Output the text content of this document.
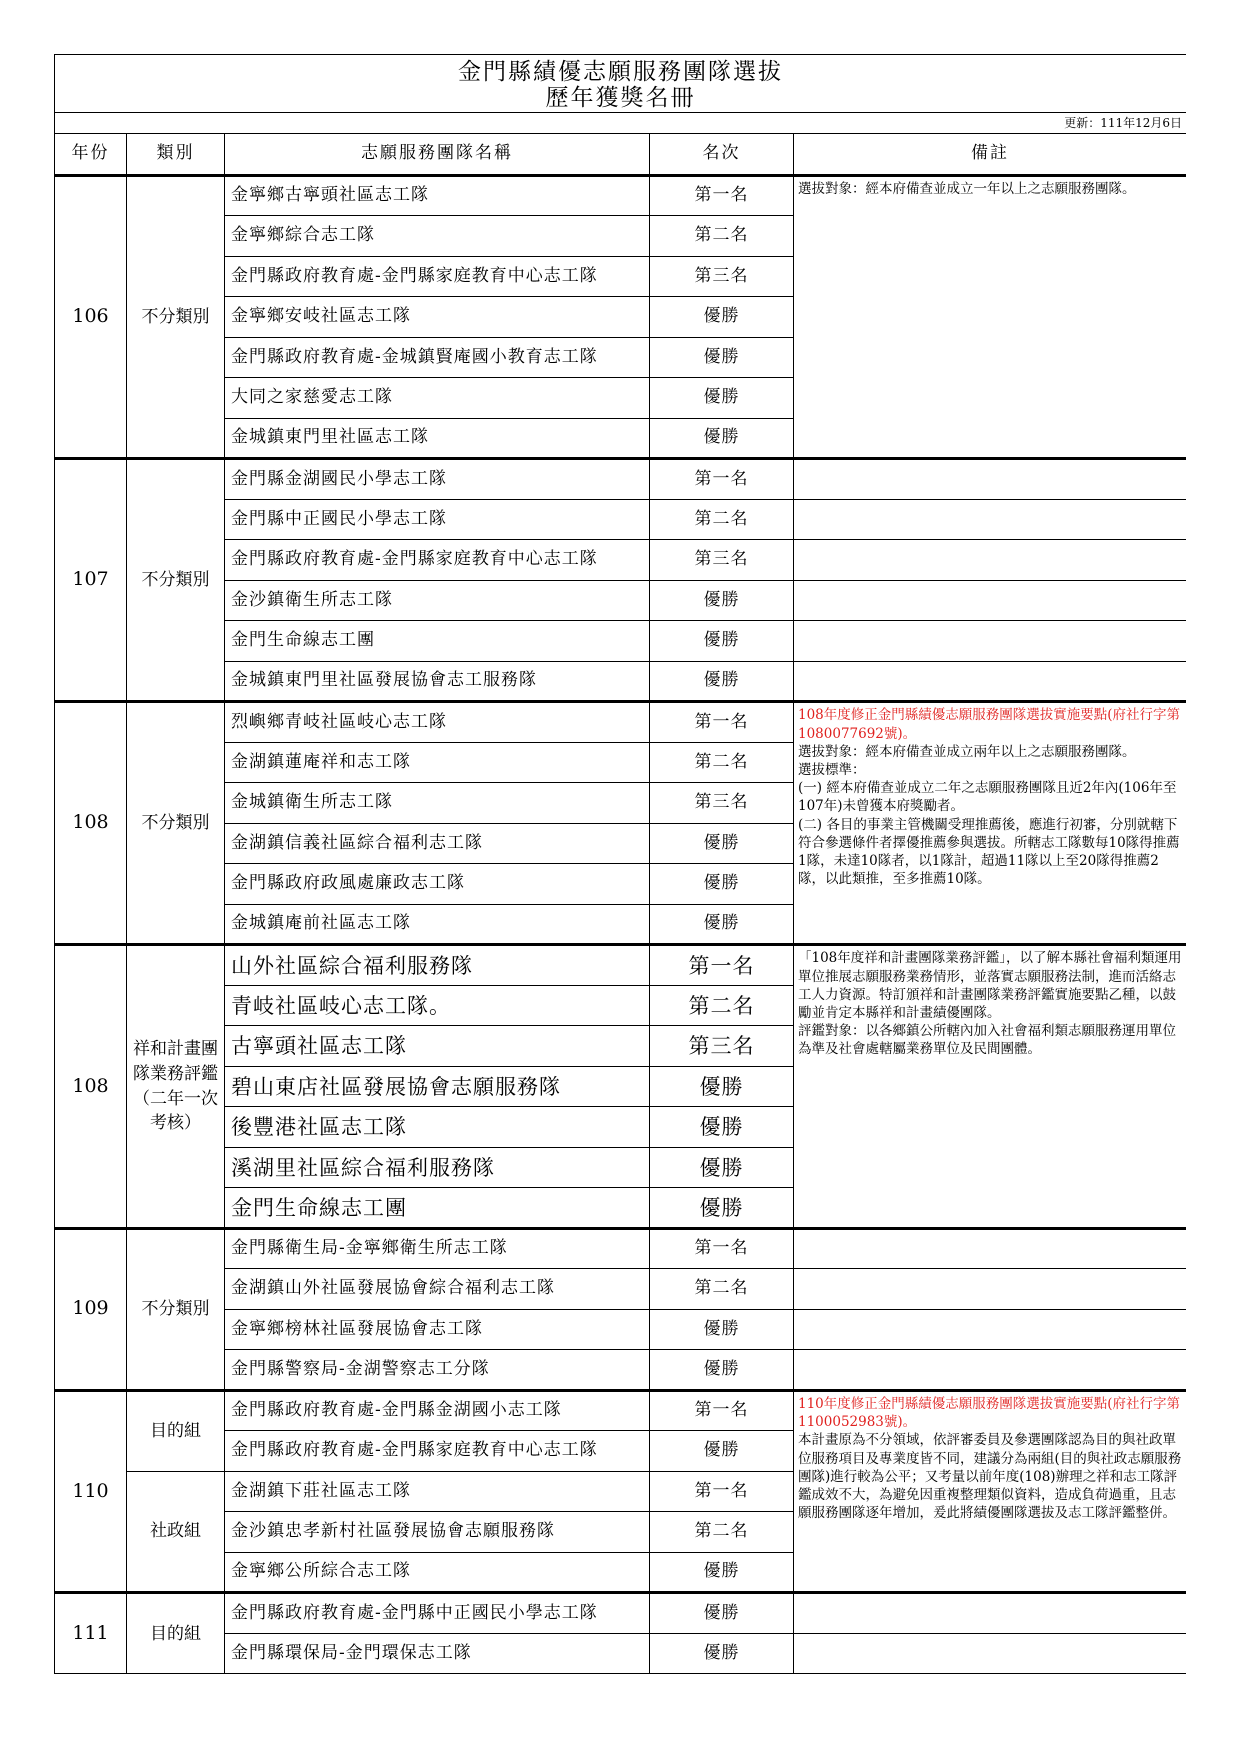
金門縣績優志願服務團隊選拔				
歷年獲獎名冊				
更新：111年12月6日				
年份	類別	志願服務團隊名稱	名次	備註
106	不分類別	金寧鄉古寧頭社區志工隊	第一名	選拔對象：經本府備查並成立一年以上之志願服務團隊。

		金寧鄉綜合志工隊	第二名	
		金門縣政府教育處-金門縣家庭教育中心志工隊	第三名	
		金寧鄉安岐社區志工隊	優勝	
		金門縣政府教育處-金城鎮賢庵國小教育志工隊	優勝	
		大同之家慈愛志工隊	優勝	
		金城鎮東門里社區志工隊	優勝	
107	不分類別	金門縣金湖國民小學志工隊	第一名	
		金門縣中正國民小學志工隊	第二名	
		金門縣政府教育處-金門縣家庭教育中心志工隊	第三名	
		金沙鎮衛生所志工隊	優勝	
		金門生命線志工團	優勝	
		金城鎮東門里社區發展協會志工服務隊	優勝	
108	不分類別	烈嶼鄉青岐社區岐心志工隊	第一名	108年度修正金門縣績優志願服務團隊選拔實施要點(府社行字第1080077692號)。
選拔對象：經本府備查並成立兩年以上之志願服務團隊。
選拔標準：
(一) 經本府備查並成立二年之志願服務團隊且近2年內(106年至107年)未曾獲本府獎勵者。
(二) 各目的事業主管機關受理推薦後，應進行初審，分別就轄下符合參選條件者擇優推薦參與選拔。所轄志工隊數每10隊得推薦1隊，未達10隊者，以1隊計，超過11隊以上至20隊得推薦2隊，以此類推，至多推薦10隊。

		金湖鎮蓮庵祥和志工隊	第二名	
		金城鎮衛生所志工隊	第三名	
		金湖鎮信義社區綜合福利志工隊	優勝	
		金門縣政府政風處廉政志工隊	優勝	
		金城鎮庵前社區志工隊	優勝	
108	祥和計畫團隊業務評鑑（二年一次考核）	山外社區綜合福利服務隊	第一名	「108年度祥和計畫團隊業務評鑑」，以了解本縣社會福利類運用單位推展志願服務業務情形，並落實志願服務法制，進而活絡志工人力資源。特訂頒祥和計畫團隊業務評鑑實施要點乙種，以鼓勵並肯定本縣祥和計畫績優團隊。
評鑑對象：以各鄉鎮公所轄內加入社會福利類志願服務運用單位為準及社會處轄屬業務單位及民間團體。

		青岐社區岐心志工隊。	第二名	
		古寧頭社區志工隊	第三名	
		碧山東店社區發展協會志願服務隊	優勝	
		後豐港社區志工隊	優勝	
		溪湖里社區綜合福利服務隊	優勝	
		金門生命線志工團	優勝	
109	不分類別	金門縣衛生局-金寧鄉衛生所志工隊	第一名	
		金湖鎮山外社區發展協會綜合福利志工隊	第二名	
		金寧鄉榜林社區發展協會志工隊	優勝	
		金門縣警察局-金湖警察志工分隊	優勝	
110	目的組	金門縣政府教育處-金門縣金湖國小志工隊	第一名	110年度修正金門縣績優志願服務團隊選拔實施要點(府社行字第1100052983號)。
本計畫原為不分領域，依評審委員及參選團隊認為目的與社政單位服務項目及專業度皆不同，建議分為兩組(目的與社政志願服務團隊)進行較為公平；又考量以前年度(108)辦理之祥和志工隊評鑑成效不大，為避免因重複整理類似資料，造成負荷過重，且志願服務團隊逐年增加，爰此將績優團隊選拔及志工隊評鑑整併。

		金門縣政府教育處-金門縣家庭教育中心志工隊	優勝	
	社政組	金湖鎮下莊社區志工隊	第一名	
		金沙鎮忠孝新村社區發展協會志願服務隊	第二名	
		金寧鄉公所綜合志工隊	優勝	
111	目的組	金門縣政府教育處-金門縣中正國民小學志工隊	優勝	
		金門縣環保局-金門環保志工隊	優勝	
